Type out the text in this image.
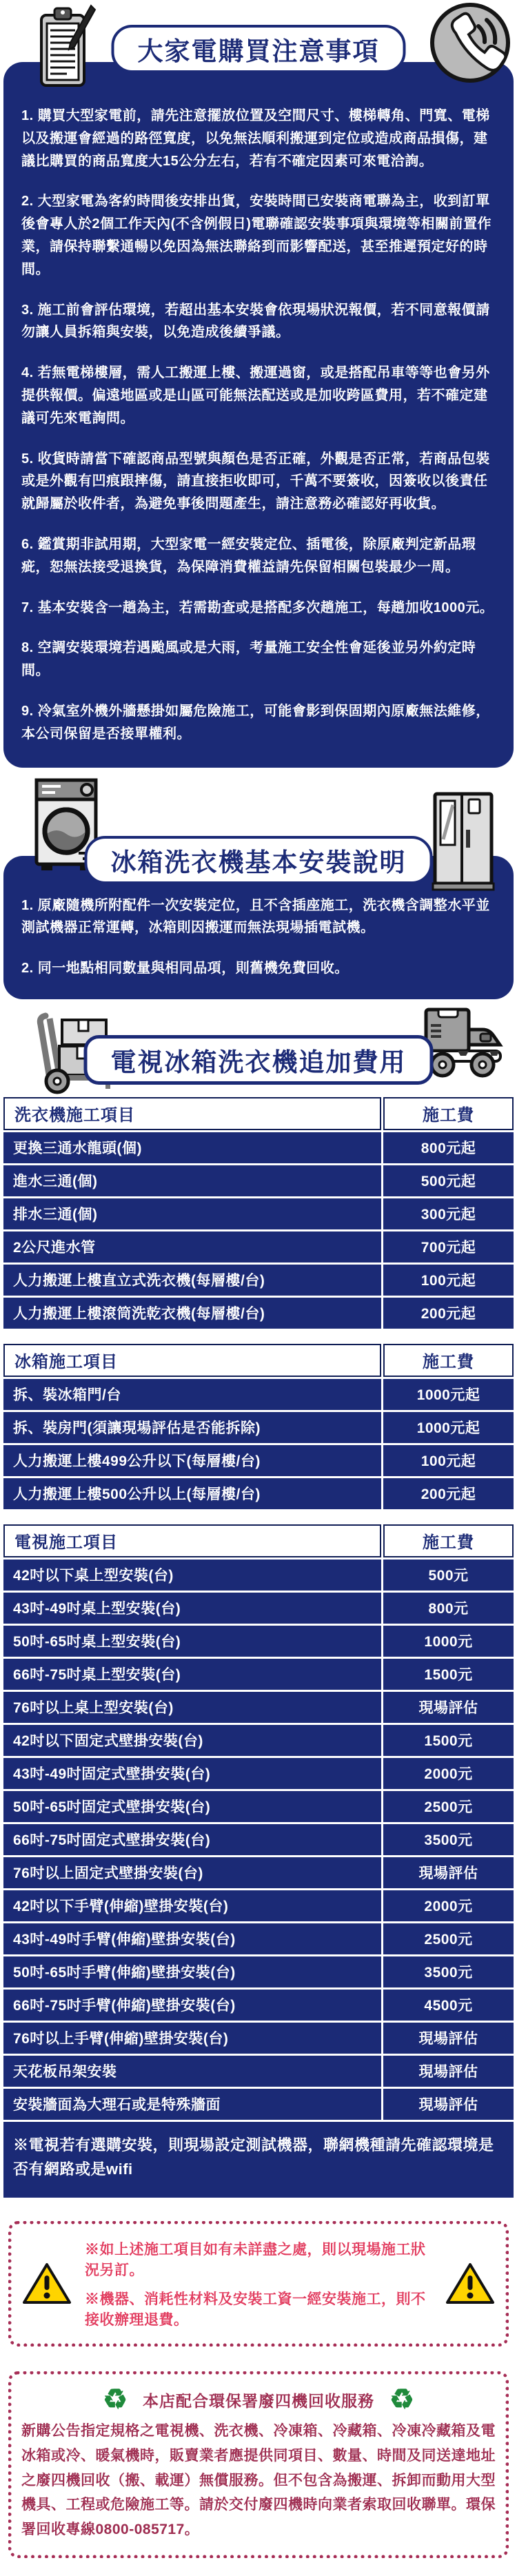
大家電購買注意事項

1. 購買大型家電前，請先注意擺放位置及空間尺寸、樓梯轉角、門寬、電梯以及搬運會經過的路徑寬度，以免無法順利搬運到定位或造成商品損傷，建議比購買的商品寬度大15公分左右，若有不確定因素可來電洽詢。

2. 大型家電為客約時間後安排出貨，安裝時間已安裝商電聯為主，收到訂單後會專人於2個工作天內(不含例假日)電聯確認安裝事項與環境等相關前置作業，請保持聯繫通暢以免因為無法聯絡到而影響配送，甚至推遲預定好的時間。

3. 施工前會評估環境，若超出基本安裝會依現場狀況報價，若不同意報價請勿讓人員拆箱與安裝，以免造成後續爭議。

4. 若無電梯樓層，需人工搬運上樓、搬運過窗，或是搭配吊車等等也會另外提供報價。偏遠地區或是山區可能無法配送或是加收跨區費用，若不確定建議可先來電詢問。

5. 收貨時請當下確認商品型號與顏色是否正確，外觀是否正常，若商品包裝或是外觀有凹痕跟摔傷，請直接拒收即可，千萬不要簽收，因簽收以後責任就歸屬於收件者，為避免事後問題產生，請注意務必確認好再收貨。

6. 鑑賞期非試用期，大型家電一經安裝定位、插電後，除原廠判定新品瑕疵，恕無法接受退換貨，為保障消費權益請先保留相關包裝最少一周。

7. 基本安裝含一趟為主，若需勘查或是搭配多次趟施工，每趟加收1000元。

8. 空調安裝環境若遇颱風或是大雨，考量施工安全性會延後並另外約定時間。

9. 冷氣室外機外牆懸掛如屬危險施工，可能會影到保固期內原廠無法維修，本公司保留是否接單權利。

冰箱洗衣機基本安裝說明

1. 原廠隨機所附配件一次安裝定位，且不含插座施工，洗衣機含調整水平並測試機器正常運轉，冰箱則因搬運而無法現場插電試機。

2. 同一地點相同數量與相同品項，則舊機免費回收。

電視冰箱洗衣機追加費用
洗衣機施工項目	施工費
更換三通水龍頭(個)	800元起
進水三通(個)	500元起
排水三通(個)	300元起
2公尺進水管	700元起
人力搬運上樓直立式洗衣機(每層樓/台)	100元起
人力搬運上樓滾筒洗乾衣機(每層樓/台)	200元起
冰箱施工項目	施工費
拆、裝冰箱門/台	1000元起
拆、裝房門(須讓現場評估是否能拆除)	1000元起
人力搬運上樓499公升以下(每層樓/台)	100元起
人力搬運上樓500公升以上(每層樓/台)	200元起
電視施工項目	施工費
42吋以下桌上型安裝(台)	500元
43吋-49吋桌上型安裝(台)	800元
50吋-65吋桌上型安裝(台)	1000元
66吋-75吋桌上型安裝(台)	1500元
76吋以上桌上型安裝(台)	現場評估
42吋以下固定式壁掛安裝(台)	1500元
43吋-49吋固定式壁掛安裝(台)	2000元
50吋-65吋固定式壁掛安裝(台)	2500元
66吋-75吋固定式壁掛安裝(台)	3500元
76吋以上固定式壁掛安裝(台)	現場評估
42吋以下手臂(伸縮)壁掛安裝(台)	2000元
43吋-49吋手臂(伸縮)壁掛安裝(台)	2500元
50吋-65吋手臂(伸縮)壁掛安裝(台)	3500元
66吋-75吋手臂(伸縮)壁掛安裝(台)	4500元
76吋以上手臂(伸縮)壁掛安裝(台)	現場評估
天花板吊架安裝	現場評估
安裝牆面為大理石或是特殊牆面	現場評估
※電視若有選購安裝，則現場設定測試機器，聯網機種請先確認環境是否有網路或是wifi
※如上述施工項目如有未詳盡之處，則以現場施工狀況另訂。
※機器、消耗性材料及安裝工資一經安裝施工，則不接收辦理退費。
♻ 本店配合環保署廢四機回收服務 ♻
新購公告指定規格之電視機、洗衣機、冷凍箱、冷藏箱、冷凍冷藏箱及電冰箱或冷、暖氣機時，販賣業者應提供同項目、數量、時間及同送達地址之廢四機回收（搬、載運）無償服務。但不包含為搬運、拆卸而動用大型機具、工程或危險施工等。請於交付廢四機時向業者索取回收聯單。環保署回收專線0800-085717。
